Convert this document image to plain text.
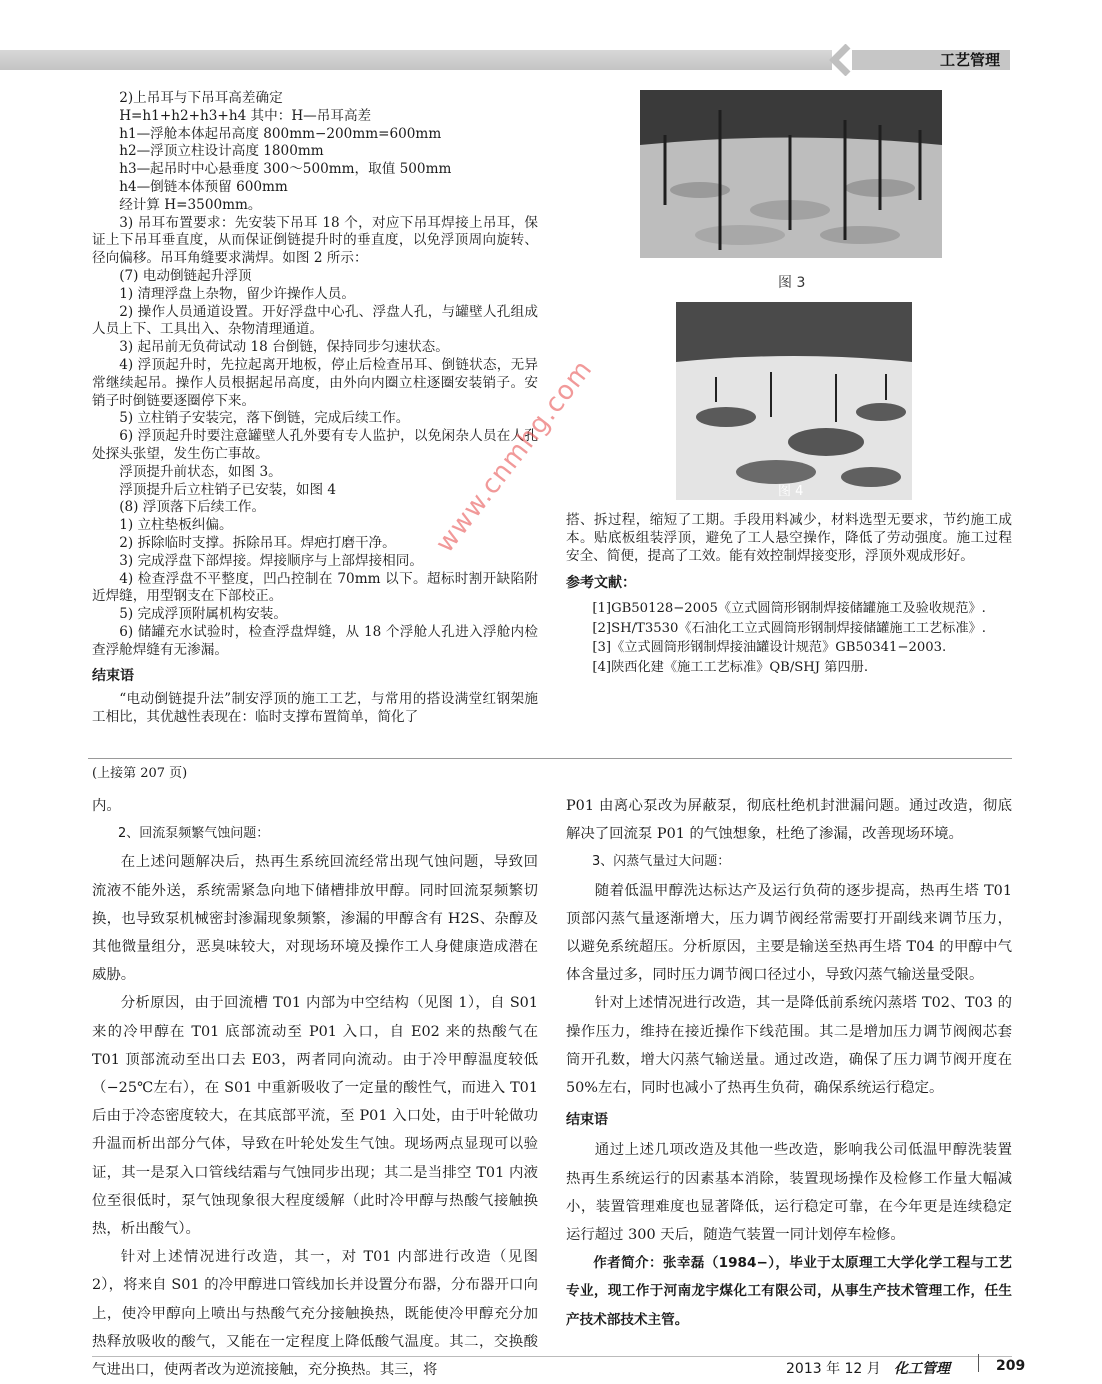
工艺管理

2)上吊耳与下吊耳高差确定

H=h1+h2+h3+h4 其中：H—吊耳高差

h1—浮舱本体起吊高度 800mm−200mm=600mm

h2—浮顶立柱设计高度 1800mm

h3—起吊时中心悬垂度 300～500mm，取值 500mm

h4—倒链本体预留 600mm

经计算 H=3500mm。

3) 吊耳布置要求：先安装下吊耳 18 个，对应下吊耳焊接上吊耳，保证上下吊耳垂直度，从而保证倒链提升时的垂直度，以免浮顶周向旋转、径向偏移。吊耳角缝要求满焊。如图 2 所示：

(7) 电动倒链起升浮顶

1) 清理浮盘上杂物，留少许操作人员。

2) 操作人员通道设置。开好浮盘中心孔、浮盘人孔，与罐壁人孔组成人员上下、工具出入、杂物清理通道。

3) 起吊前无负荷试动 18 台倒链，保持同步匀速状态。

4) 浮顶起升时，先拉起离开地板，停止后检查吊耳、倒链状态，无异常继续起吊。操作人员根据起吊高度，由外向内圈立柱逐圈安装销子。安销子时倒链要逐圈停下来。

5) 立柱销子安装完，落下倒链，完成后续工作。

6) 浮顶起升时要注意罐壁人孔外要有专人监护，以免闲杂人员在人孔处探头张望，发生伤亡事故。

浮顶提升前状态，如图 3。

浮顶提升后立柱销子已安装，如图 4

(8) 浮顶落下后续工作。

1) 立柱垫板纠偏。

2) 拆除临时支撑。拆除吊耳。焊疤打磨干净。

3) 完成浮盘下部焊接。焊接顺序与上部焊接相同。

4) 检查浮盘不平整度，凹凸控制在 70mm 以下。超标时割开缺陷附近焊缝，用型钢支在下部校正。

5) 完成浮顶附属机构安装。

6) 储罐充水试验时，检查浮盘焊缝，从 18 个浮舱人孔进入浮舱内检查浮舱焊缝有无渗漏。

结束语

“电动倒链提升法”制安浮顶的施工工艺，与常用的搭设满堂红钢架施工相比，其优越性表现在：临时支撑布置简单，简化了

图 3
图 4

搭、拆过程，缩短了工期。手段用料减少，材料选型无要求，节约施工成本。贴底板组装浮顶，避免了工人悬空操作，降低了劳动强度。施工过程安全、简便，提高了工效。能有效控制焊接变形，浮顶外观成形好。

参考文献：

[1]GB50128−2005《立式圆筒形钢制焊接储罐施工及验收规范》.

[2]SH/T3530《石油化工立式圆筒形钢制焊接储罐施工工艺标准》.

[3]《立式圆筒形钢制焊接油罐设计规范》GB50341−2003.

[4]陕西化建《施工工艺标准》QB/SHJ 第四册.

(上接第 207 页)

内。

2、回流泵频繁气蚀问题：

在上述问题解决后，热再生系统回流经常出现气蚀问题，导致回流液不能外送，系统需紧急向地下储槽排放甲醇。同时回流泵频繁切换，也导致泵机械密封渗漏现象频繁，渗漏的甲醇含有 H2S、杂醇及其他微量组分，恶臭味较大，对现场环境及操作工人身健康造成潜在威胁。

分析原因，由于回流槽 T01 内部为中空结构（见图 1），自 S01 来的冷甲醇在 T01 底部流动至 P01 入口，自 E02 来的热酸气在 T01 顶部流动至出口去 E03，两者同向流动。由于冷甲醇温度较低（−25℃左右），在 S01 中重新吸收了一定量的酸性气，而进入 T01 后由于冷态密度较大，在其底部平流，至 P01 入口处，由于叶轮做功升温而析出部分气体，导致在叶轮处发生气蚀。现场两点显现可以验证，其一是泵入口管线结霜与气蚀同步出现；其二是当排空 T01 内液位至很低时，泵气蚀现象很大程度缓解（此时冷甲醇与热酸气接触换热，析出酸气）。

针对上述情况进行改造，其一，对 T01 内部进行改造（见图 2），将来自 S01 的冷甲醇进口管线加长并设置分布器，分布器开口向上，使冷甲醇向上喷出与热酸气充分接触换热，既能使冷甲醇充分加热释放吸收的酸气，又能在一定程度上降低酸气温度。其二，交换酸气进出口，使两者改为逆流接触，充分换热。其三，将

P01 由离心泵改为屏蔽泵，彻底杜绝机封泄漏问题。通过改造，彻底解决了回流泵 P01 的气蚀想象，杜绝了渗漏，改善现场环境。

3、闪蒸气量过大问题：

随着低温甲醇洗达标达产及运行负荷的逐步提高，热再生塔 T01 顶部闪蒸气量逐渐增大，压力调节阀经常需要打开副线来调节压力，以避免系统超压。分析原因，主要是输送至热再生塔 T04 的甲醇中气体含量过多，同时压力调节阀口径过小，导致闪蒸气输送量受限。

针对上述情况进行改造，其一是降低前系统闪蒸塔 T02、T03 的操作压力，维持在接近操作下线范围。其二是增加压力调节阀阀芯套筒开孔数，增大闪蒸气输送量。通过改造，确保了压力调节阀开度在 50%左右，同时也减小了热再生负荷，确保系统运行稳定。

结束语

通过上述几项改造及其他一些改造，影响我公司低温甲醇洗装置热再生系统运行的因素基本消除，装置现场操作及检修工作量大幅减小，装置管理难度也显著降低，运行稳定可靠，在今年更是连续稳定运行超过 300 天后，随造气装置一同计划停车检修。

作者简介：张幸磊（1984−），毕业于太原理工大学化学工程与工艺专业，现工作于河南龙宇煤化工有限公司，从事生产技术管理工作，任生产技术部技术主管。

www.cnmhg.com
2013 年 12 月 化工管理	209
